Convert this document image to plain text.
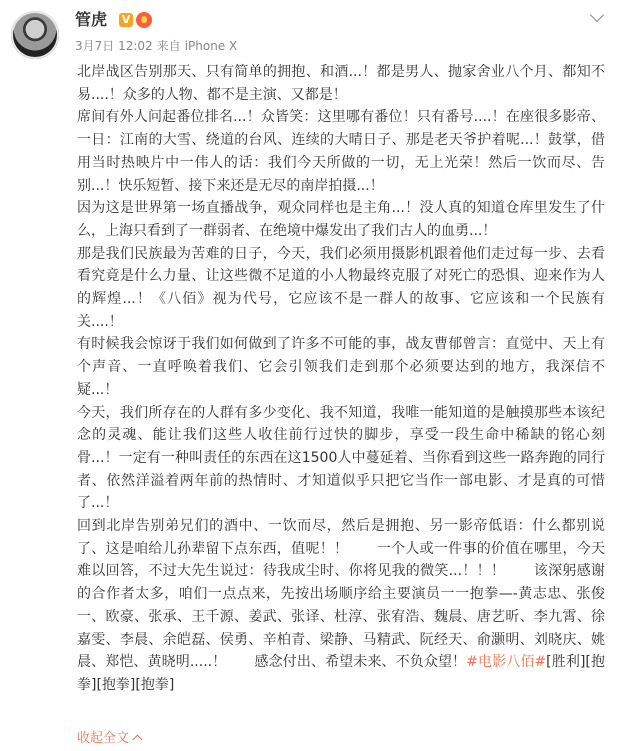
管虎 V
3月7日 12:02 来自 iPhone X

北岸战区告别那天、只有简单的拥抱、和酒...！都是男人、抛家舍业八个月、都知不易....！众多的人物、都不是主演、又都是！

席间有外人问起番位排名...！众皆笑：这里哪有番位！只有番号....！在座很多影帝、一日：江南的大雪、绕道的台风、连续的大晴日子、那是老天爷护着呢...！鼓掌，借用当时热映片中一伟人的话：我们今天所做的一切，无上光荣！然后一饮而尽、告别...！快乐短暂、接下来还是无尽的南岸拍摄...！

因为这是世界第一场直播战争，观众同样也是主角...！没人真的知道仓库里发生了什么，上海只看到了一群弱者、在绝境中爆发出了我们古人的血勇...！

那是我们民族最为苦难的日子，今天，我们必须用摄影机跟着他们走过每一步、去看看究竟是什么力量、让这些微不足道的小人物最终克服了对死亡的恐惧、迎来作为人的辉煌...！《八佰》视为代号，它应该不是一群人的故事、它应该和一个民族有关....！

有时候我会惊讶于我们如何做到了许多不可能的事，战友曹郁曾言：直觉中、天上有个声音、一直呼唤着我们、它会引领我们走到那个必须要达到的地方，我深信不疑...！

今天，我们所存在的人群有多少变化、我不知道，我唯一能知道的是触摸那些本该纪念的灵魂、能让我们这些人收住前行过快的脚步，享受一段生命中稀缺的铭心刻骨...！一定有一种叫责任的东西在这1500人中蔓延着、当你看到这些一路奔跑的同行者、依然洋溢着两年前的热情时、才知道似乎只把它当作一部电影、才是真的可惜了...！

回到北岸告别弟兄们的酒中、一饮而尽，然后是拥抱、另一影帝低语：什么都别说了、这是咱给儿孙辈留下点东西，值呢！！　　一个人或一件事的价值在哪里，今天难以回答，不过大先生说过：待我成尘时、你将见我的微笑...！！！　　该深躬感谢的合作者太多，咱们一点点来，先按出场顺序给主要演员一一抱拳—-黄志忠、张俊一、欧豪、张承、王千源、姜武、张译、杜淳、张宥浩、魏晨、唐艺昕、李九霄、徐嘉雯、李晨、余皑磊、侯勇、辛柏青、梁静、马精武、阮经天、俞灏明、刘晓庆、姚晨、郑恺、黄晓明.....！　　感念付出、希望未来、不负众望！#电影八佰#[胜利][抱拳][抱拳][抱拳]

收起全文
